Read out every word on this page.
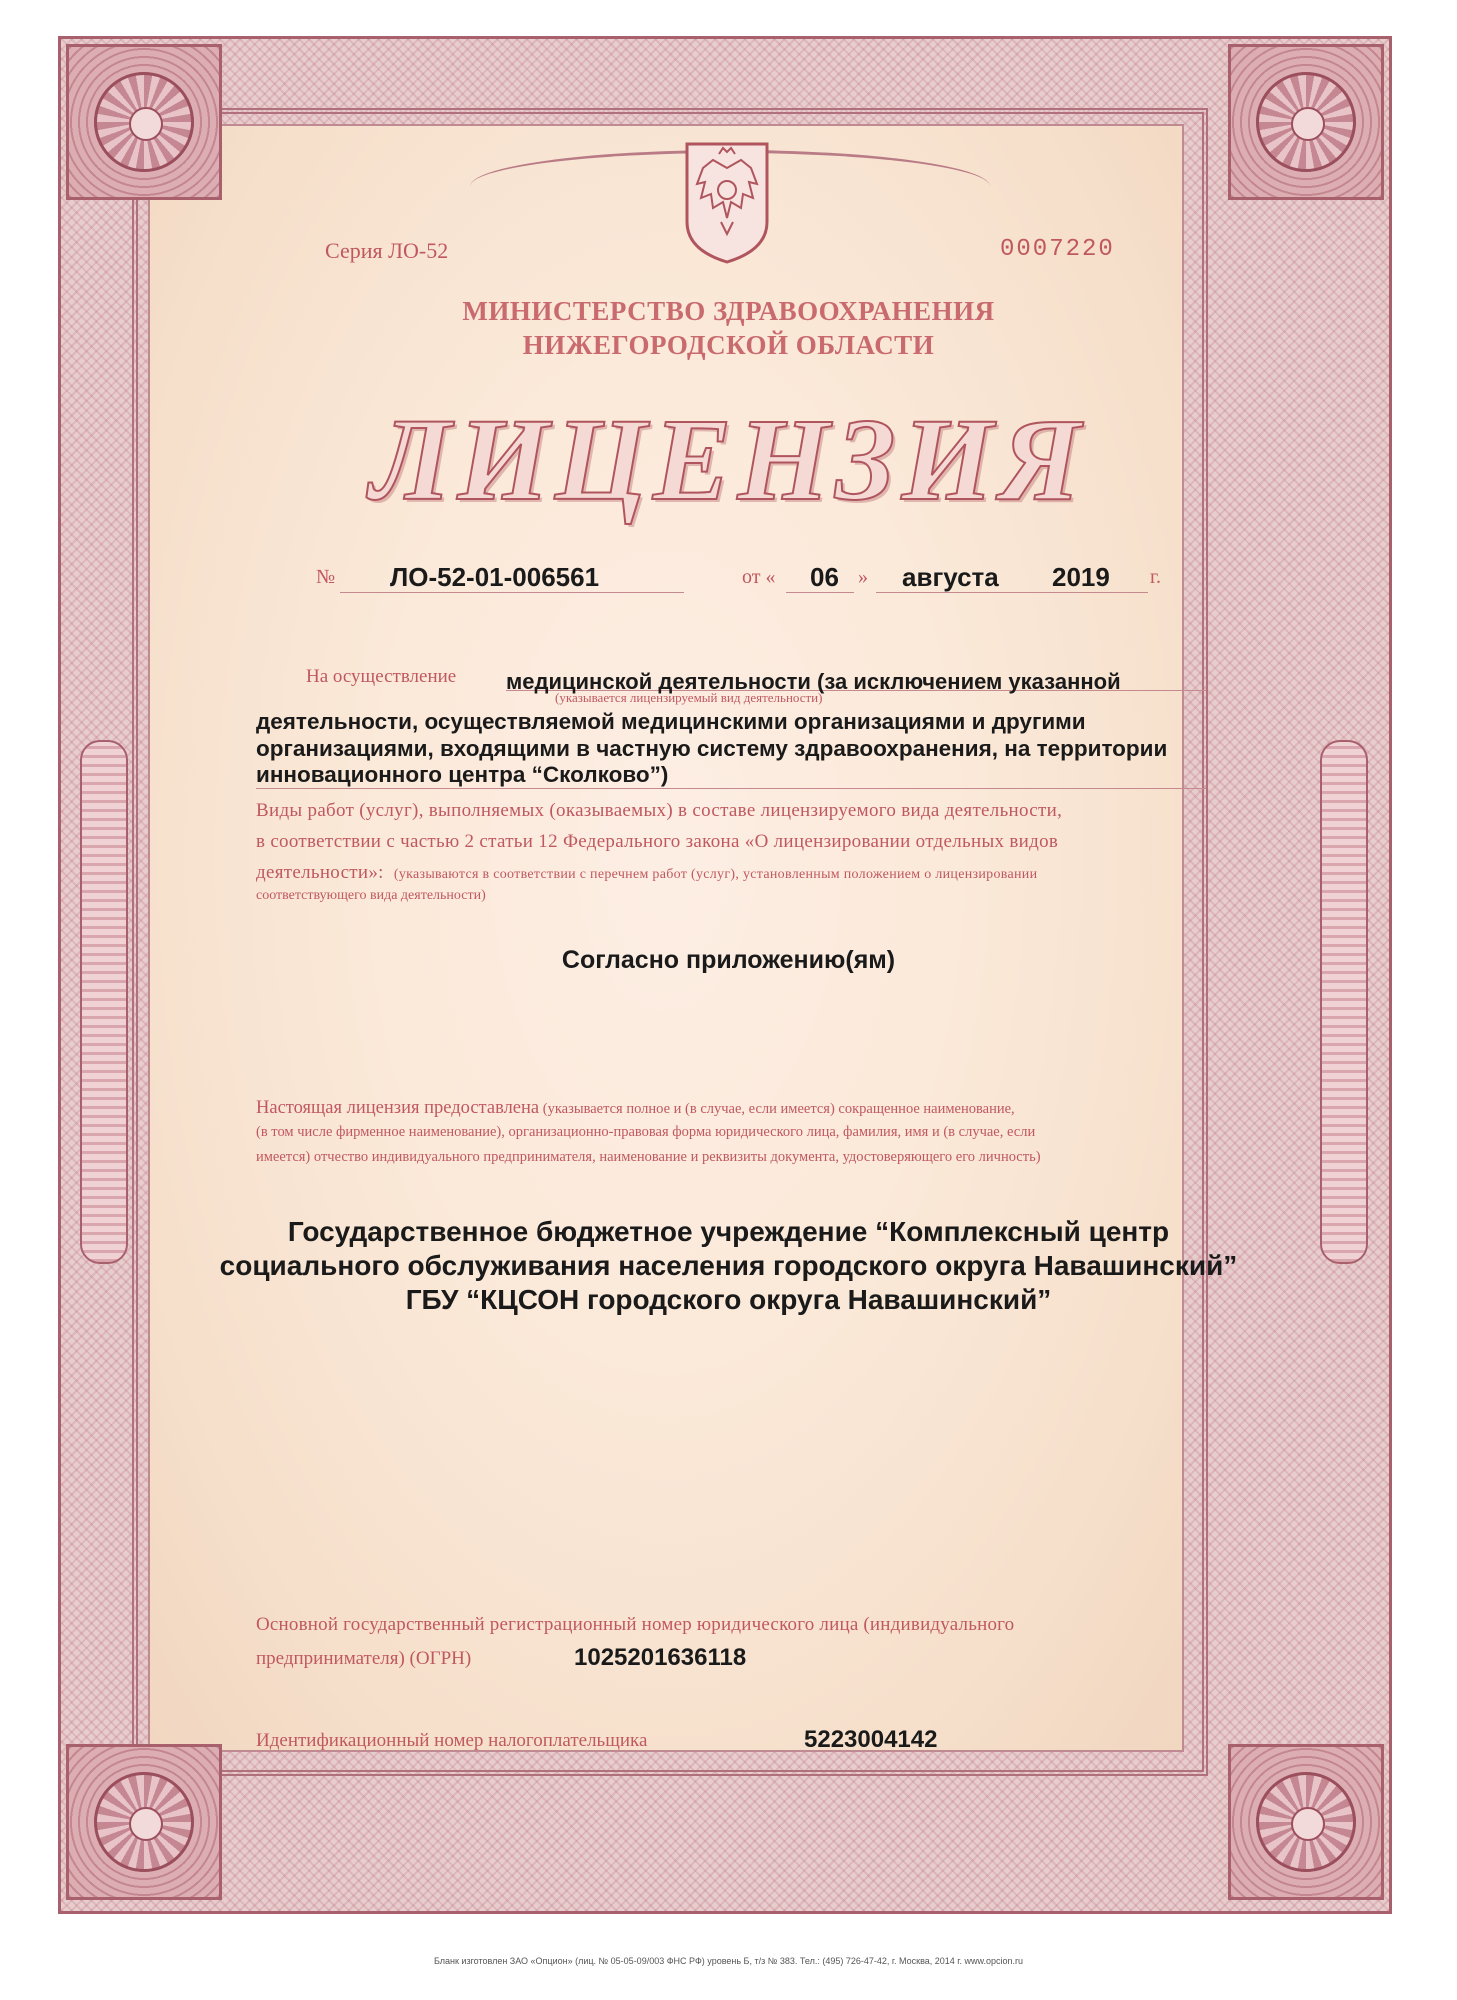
Серия ЛО-52	0007220
МИНИСТЕРСТВО ЗДРАВООХРАНЕНИЯ
НИЖЕГОРОДСКОЙ ОБЛАСТИ
ЛИЦЕНЗИЯ
№ ЛО-52-01-006561	от « 06 » августа 2019 г.
На осуществление медицинской деятельности (за исключением указанной
(указывается лицензируемый вид деятельности)
деятельности, осуществляемой медицинскими организациями и другими
организациями, входящими в частную систему здравоохранения, на территории
инновационного центра “Сколково”)
Виды работ (услуг), выполняемых (оказываемых) в составе лицензируемого вида деятельности,
в соответствии с частью 2 статьи 12 Федерального закона «О лицензировании отдельных видов
деятельности»: (указываются в соответствии с перечнем работ (услуг), установленным положением о лицензировании
соответствующего вида деятельности)
Согласно приложению(ям)
Настоящая лицензия предоставлена (указывается полное и (в случае, если имеется) сокращенное наименование,
(в том числе фирменное наименование), организационно-правовая форма юридического лица, фамилия, имя и (в случае, если
имеется) отчество индивидуального предпринимателя, наименование и реквизиты документа, удостоверяющего его личность)
Государственное бюджетное учреждение “Комплексный центр
социального обслуживания населения городского округа Навашинский”
ГБУ “КЦСОН городского округа Навашинский”
Основной государственный регистрационный номер юридического лица (индивидуального
предпринимателя) (ОГРН)	1025201636118
Идентификационный номер налогоплательщика	5223004142
Бланк изготовлен ЗАО «Опцион» (лиц. № 05-05-09/003 ФНС РФ) уровень Б, т/з № 383. Тел.: (495) 726-47-42, г. Москва, 2014 г. www.opcion.ru
